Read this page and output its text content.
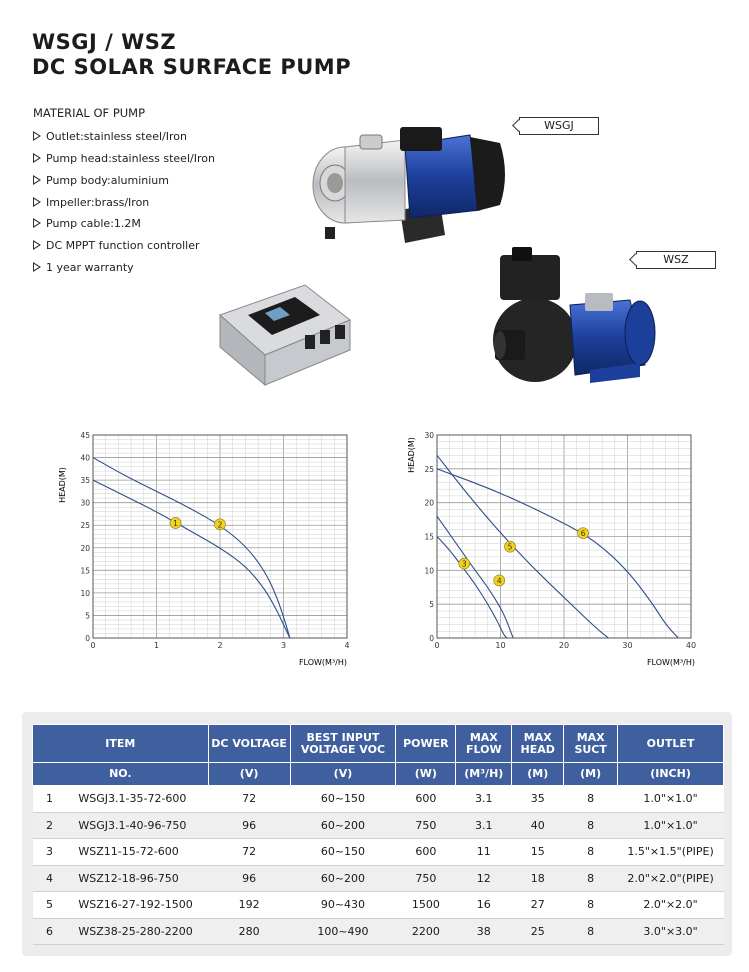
WSGJ / WSZ
DC SOLAR SURFACE PUMP
MATERIAL OF PUMP
Outlet:stainless steel/Iron
Pump head:stainless steel/Iron
Pump body:aluminium
Impeller:brass/Iron
Pump cable:1.2M
DC MPPT function controller
1 year warranty
WSGJ
WSZ
1	2
0	1	2	3	4
0
5
10
15
20
25
30
35
40
45
HEAD(M)
FLOW(M³/H)
3
4
5
6
0	10	20	30	40
0
5
10
15
20
25
30
HEAD(M)
FLOW(M³/H)
ITEM		DC VOLTAGE	BEST INPUT VOLTAGE VOC	POWER	MAX FLOW	MAX HEAD	MAX SUCT	OUTLET
NO.		(V)	(V)	(W)	(M³/H)	(M)	(M)	(INCH)
1	WSGJ3.1-35-72-600	72	60~150	600	3.1	35	8	1.0"×1.0"
2	WSGJ3.1-40-96-750	96	60~200	750	3.1	40	8	1.0"×1.0"
3	WSZ11-15-72-600	72	60~150	600	11	15	8	1.5"×1.5"(PIPE)
4	WSZ12-18-96-750	96	60~200	750	12	18	8	2.0"×2.0"(PIPE)
5	WSZ16-27-192-1500	192	90~430	1500	16	27	8	2.0"×2.0"
6	WSZ38-25-280-2200	280	100~490	2200	38	25	8	3.0"×3.0"
